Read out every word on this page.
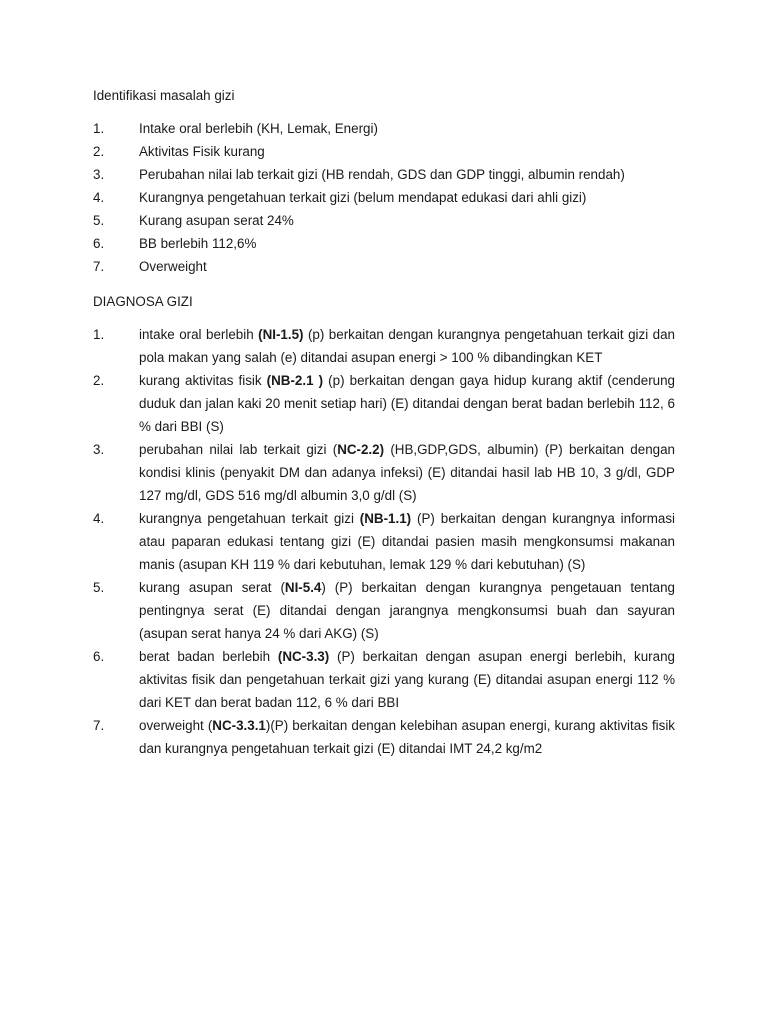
Identifikasi masalah gizi

1.	Intake oral berlebih (KH, Lemak, Energi)
2.	Aktivitas Fisik kurang
3.	Perubahan nilai lab terkait gizi (HB rendah, GDS dan GDP tinggi, albumin rendah)
4.	Kurangnya pengetahuan terkait gizi (belum mendapat edukasi dari ahli gizi)
5.	Kurang asupan serat 24%
6.	BB berlebih 112,6%
7.	Overweight

DIAGNOSA GIZI

1.	intake oral berlebih (NI-1.5) (p) berkaitan dengan kurangnya pengetahuan terkait gizi dan pola makan yang salah (e) ditandai asupan energi > 100 % dibandingkan KET
2.	kurang aktivitas fisik (NB-2.1 ) (p) berkaitan dengan gaya hidup kurang aktif (cenderung duduk dan jalan kaki 20 menit setiap hari) (E) ditandai dengan berat badan berlebih 112, 6 % dari BBI (S)
3.	perubahan nilai lab terkait gizi (NC-2.2) (HB,GDP,GDS, albumin) (P) berkaitan dengan kondisi klinis (penyakit DM dan adanya infeksi) (E) ditandai hasil lab HB 10, 3 g/dl, GDP 127 mg/dl, GDS 516 mg/dl albumin 3,0 g/dl (S)
4.	kurangnya pengetahuan terkait gizi (NB-1.1) (P) berkaitan dengan kurangnya informasi atau paparan edukasi tentang gizi (E) ditandai pasien masih mengkonsumsi makanan manis (asupan KH 119 % dari kebutuhan, lemak 129 % dari kebutuhan) (S)
5.	kurang asupan serat (NI-5.4) (P) berkaitan dengan kurangnya pengetauan tentang pentingnya serat (E) ditandai dengan jarangnya mengkonsumsi buah dan sayuran (asupan serat hanya 24 % dari AKG) (S)
6.	berat badan berlebih (NC-3.3) (P) berkaitan dengan asupan energi berlebih, kurang aktivitas fisik dan pengetahuan terkait gizi yang kurang (E) ditandai asupan energi 112 % dari KET dan berat badan 112, 6 % dari BBI
7.	overweight (NC-3.3.1)(P) berkaitan dengan kelebihan asupan energi, kurang aktivitas fisik dan kurangnya pengetahuan terkait gizi (E) ditandai IMT 24,2 kg/m2
